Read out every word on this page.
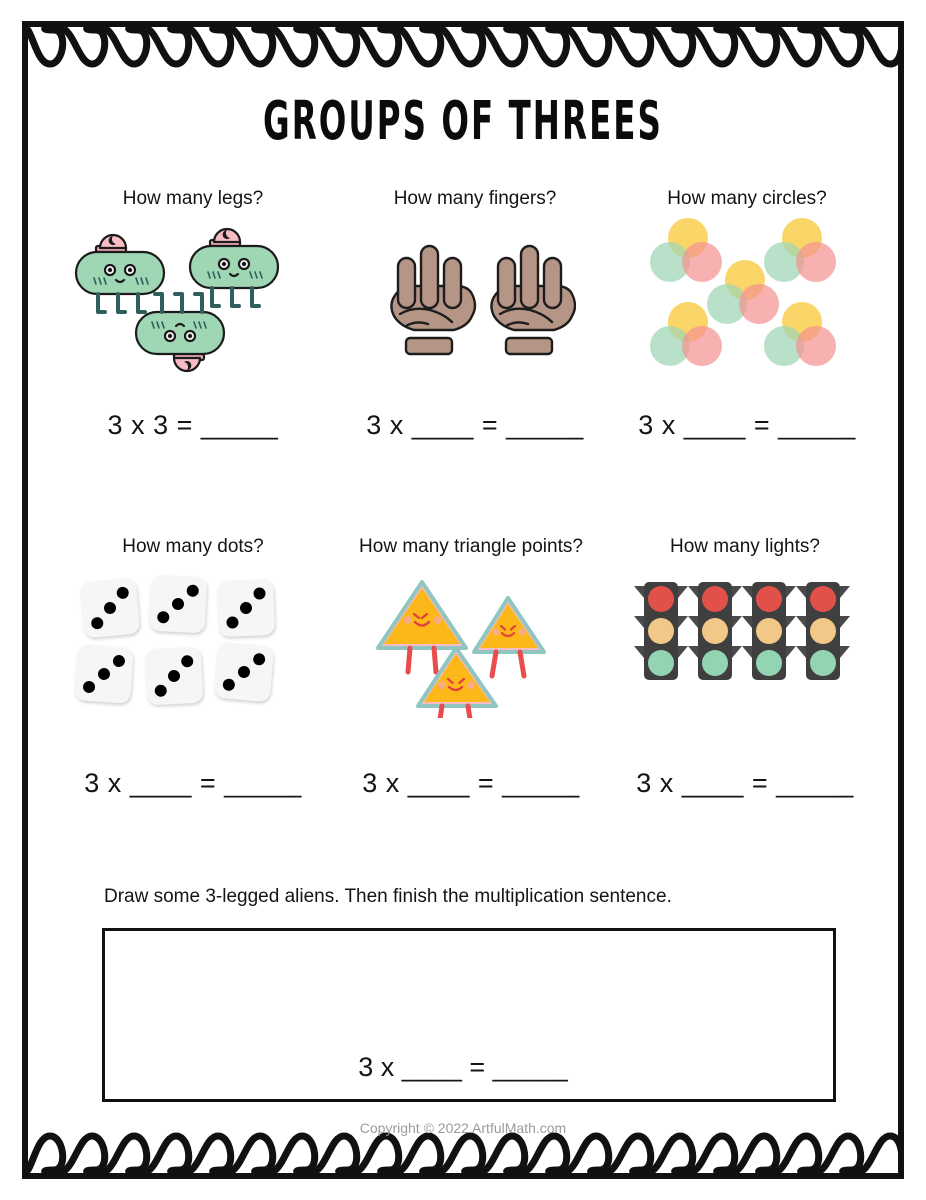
GROUPS OF THREES
How many legs?
3 x 3 = _____
How many fingers?
3 x ____ = _____
How many circles?
3 x ____ = _____
How many dots?
3 x ____ = _____
How many triangle points?
3 x ____ = _____
How many lights?
3 x ____ = _____
Draw some 3-legged aliens. Then finish the multiplication sentence.
3 x ____ = _____
Copyright © 2022 ArtfulMath.com
